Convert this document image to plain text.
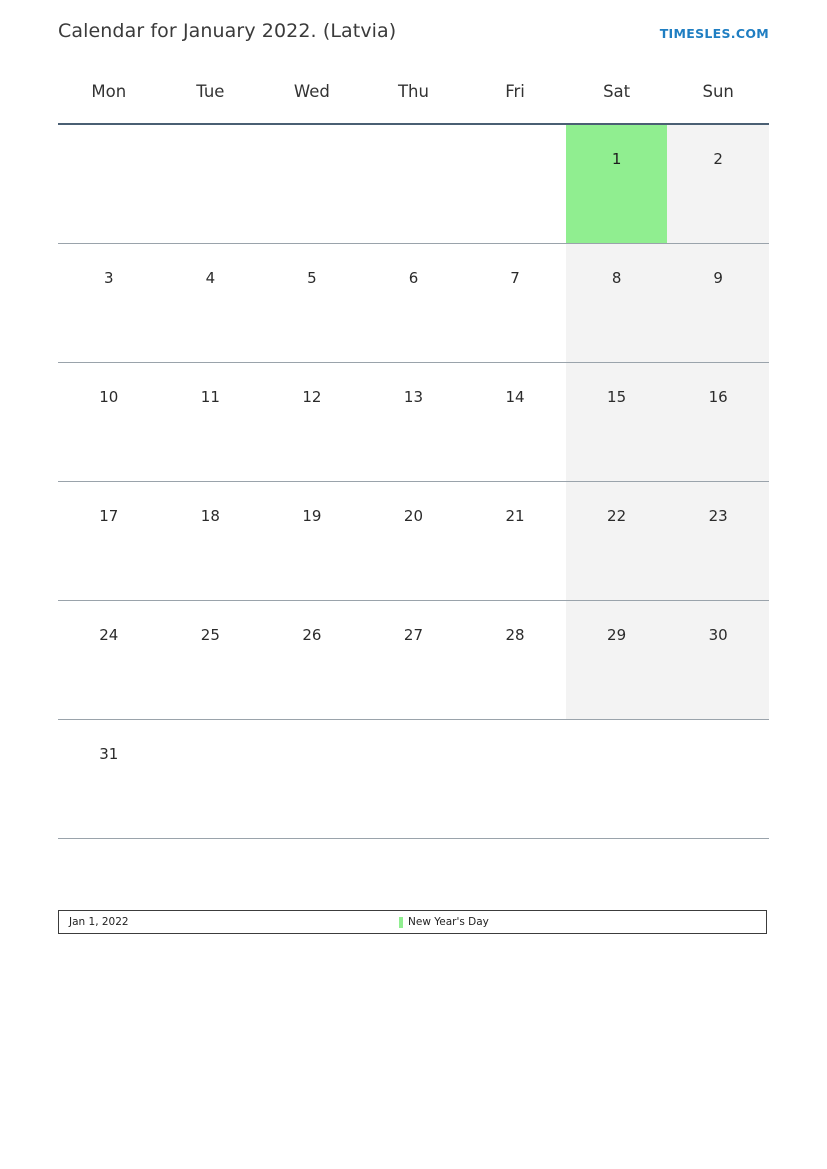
Calendar for January 2022. (Latvia)	TIMESLES.COM
Mon	Tue	Wed	Thu	Fri	Sat	Sun

					1	2

3	4	5	6	7	8	9

10	11	12	13	14	15	16

17	18	19	20	21	22	23

24	25	26	27	28	29	30

31						

Jan 1, 2022	New Year's Day
